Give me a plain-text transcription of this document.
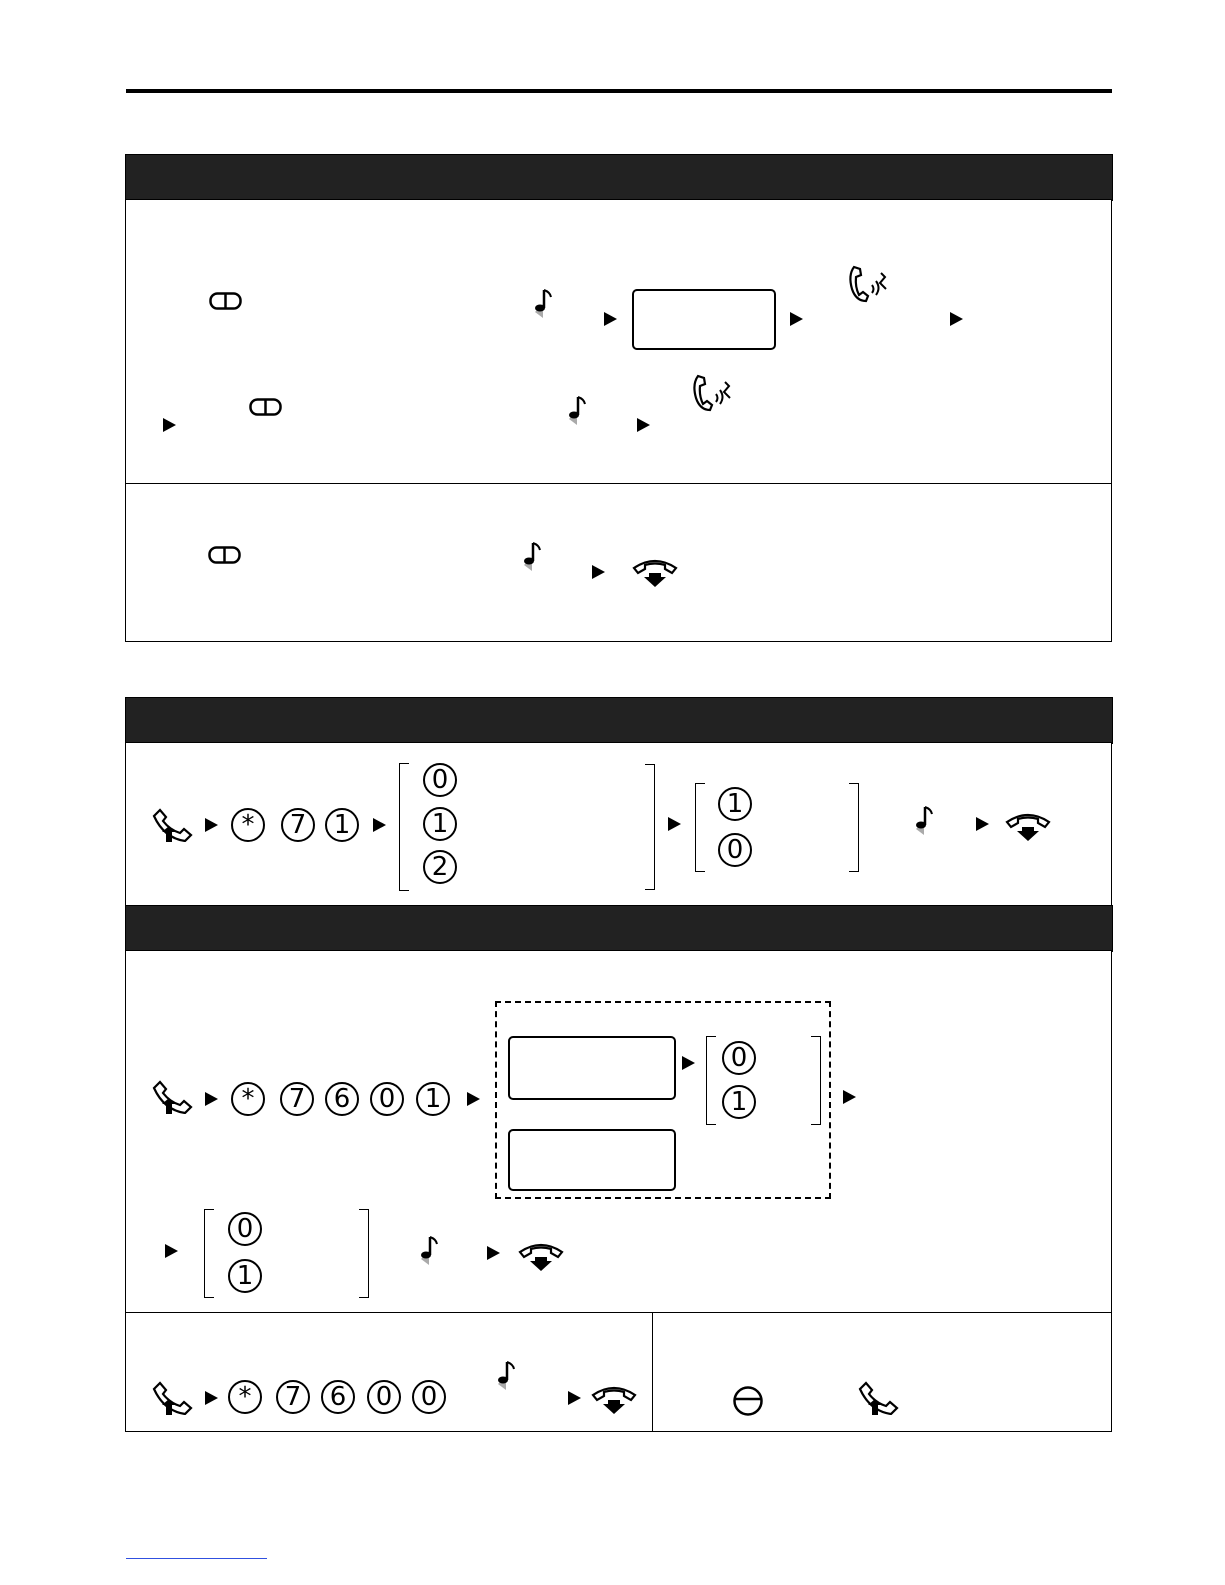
*	7	1
0
1
2
1
0
*	7	6	0	1
0
1
0
1
*	7	6	0	0
